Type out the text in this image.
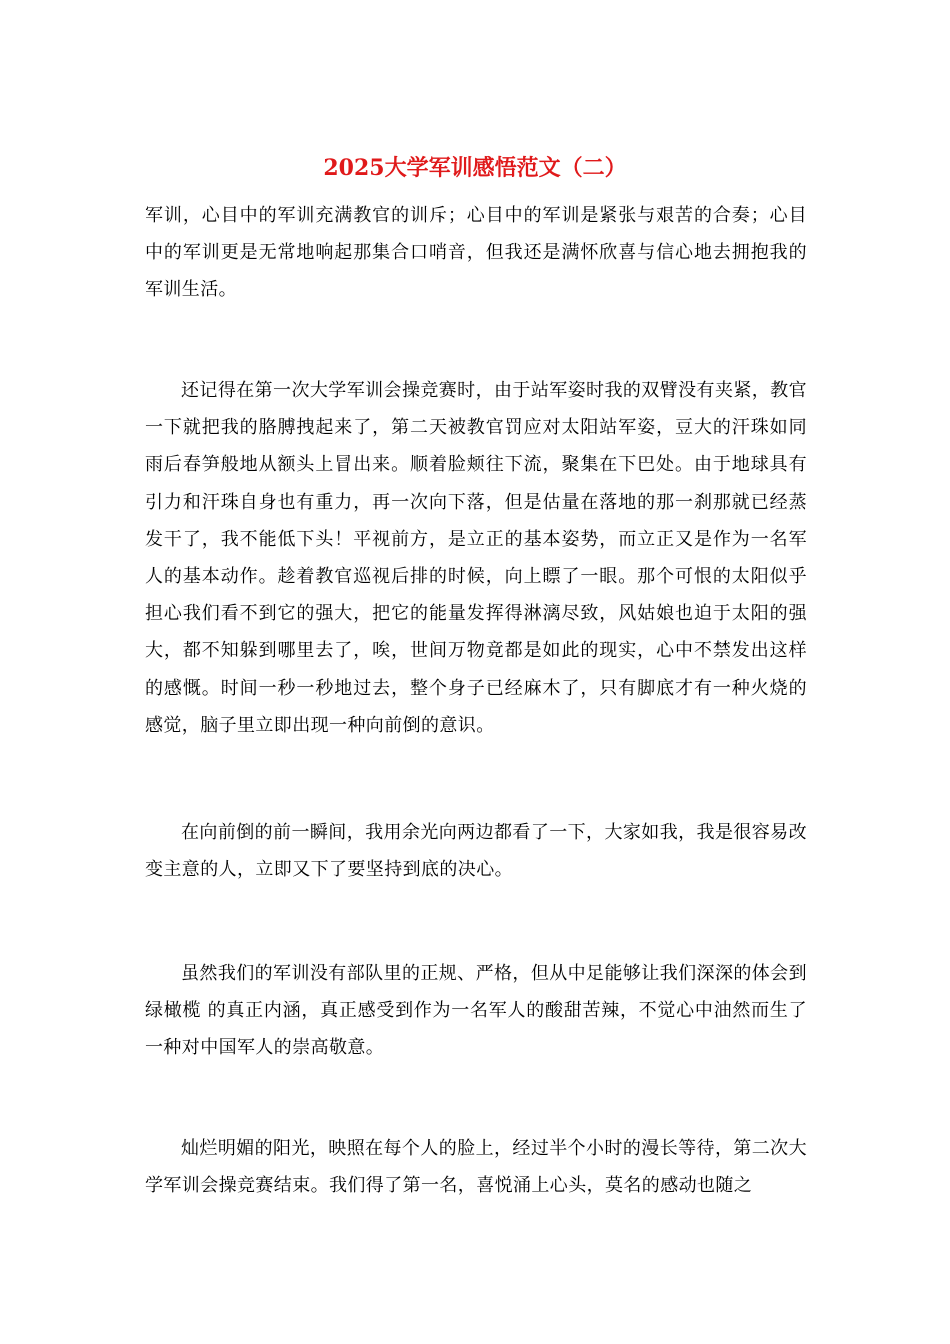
2025大学军训感悟范文（二）

军训，心目中的军训充满教官的训斥；心目中的军训是紧张与艰苦的合奏；心目中的军训更是无常地响起那集合口哨音，但我还是满怀欣喜与信心地去拥抱我的军训生活。

还记得在第一次大学军训会操竞赛时，由于站军姿时我的双臂没有夹紧，教官一下就把我的胳膊拽起来了，第二天被教官罚应对太阳站军姿，豆大的汗珠如同雨后春笋般地从额头上冒出来。顺着脸颊往下流，聚集在下巴处。由于地球具有引力和汗珠自身也有重力，再一次向下落，但是估量在落地的那一刹那就已经蒸发干了，我不能低下头！平视前方，是立正的基本姿势，而立正又是作为一名军人的基本动作。趁着教官巡视后排的时候，向上瞟了一眼。那个可恨的太阳似乎担心我们看不到它的强大，把它的能量发挥得淋漓尽致，风姑娘也迫于太阳的强大，都不知躲到哪里去了，唉，世间万物竟都是如此的现实，心中不禁发出这样的感慨。时间一秒一秒地过去，整个身子已经麻木了，只有脚底才有一种火烧的感觉，脑子里立即出现一种向前倒的意识。

在向前倒的前一瞬间，我用余光向两边都看了一下，大家如我，我是很容易改变主意的人，立即又下了要坚持到底的决心。

虽然我们的军训没有部队里的正规、严格，但从中足能够让我们深深的体会到 绿橄榄 的真正内涵，真正感受到作为一名军人的酸甜苦辣，不觉心中油然而生了一种对中国军人的崇高敬意。

灿烂明媚的阳光，映照在每个人的脸上，经过半个小时的漫长等待，第二次大学军训会操竞赛结束。我们得了第一名，喜悦涌上心头，莫名的感动也随之
